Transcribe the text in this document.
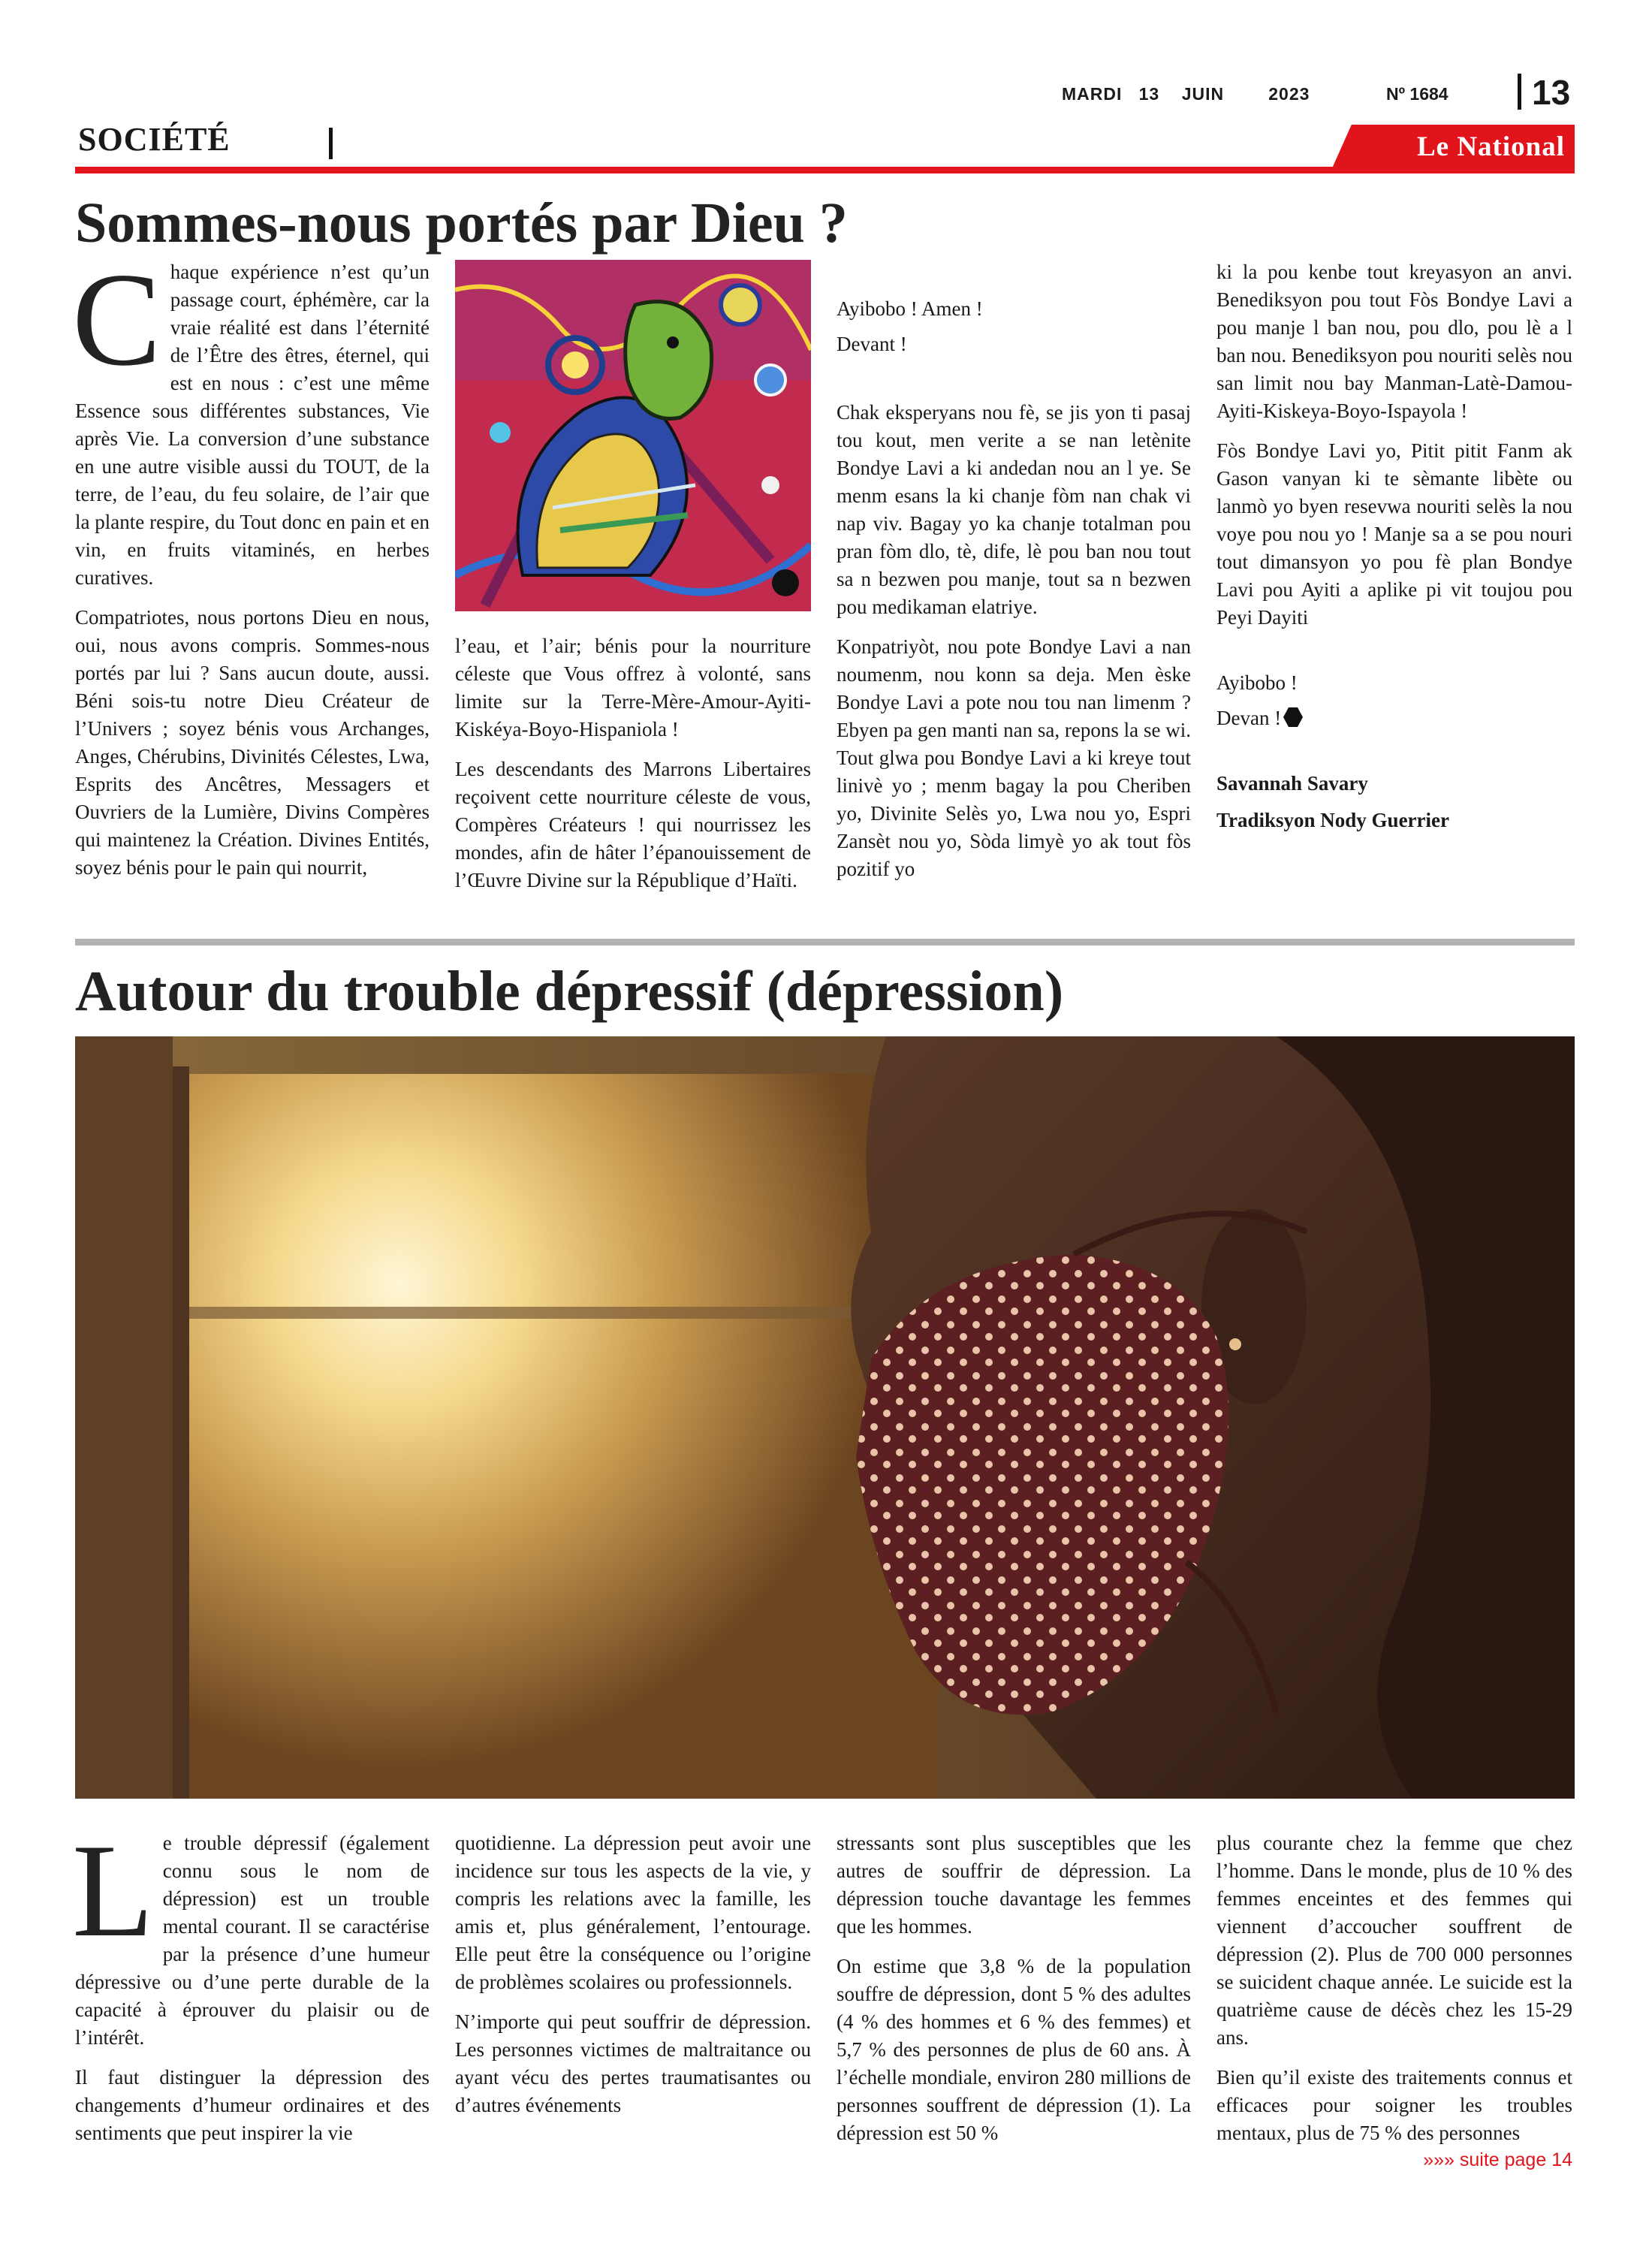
MARDI 13 JUIN	2023	Nº 1684 13
SOCIÉTÉ	Le National
Sommes-nous portés par Dieu ?

Chaque expérience n’est qu’un passage court, éphémère, car la vraie réalité est dans l’éternité de l’Être des êtres, éternel, qui est en nous : c’est une même Essence sous différentes substances, Vie après Vie. La conversion d’une substance en une autre visible aussi du TOUT, de la terre, de l’eau, du feu solaire, de l’air que la plante respire, du Tout donc en pain et en vin, en fruits vitaminés, en herbes curatives.

Compatriotes, nous portons Dieu en nous, oui, nous avons compris. Sommes-nous portés par lui ? Sans aucun doute, aussi. Béni sois-tu notre Dieu Créateur de l’Univers ; soyez bénis vous Archanges, Anges, Chérubins, Divinités Célestes, Lwa, Esprits des Ancêtres, Messagers et Ouvriers de la Lumière, Divins Compères qui maintenez la Création. Divines Entités, soyez bénis pour le pain qui nourrit,

l’eau, et l’air; bénis pour la nourriture céleste que Vous offrez à volonté, sans limite sur la Terre-Mère-Amour-Ayiti-Kiskéya-Boyo-Hispaniola !

Les descendants des Marrons Libertaires reçoivent cette nourriture céleste de vous, Compères Créateurs ! qui nourrissez les mondes, afin de hâter l’épanouissement de l’Œuvre Divine sur la République d’Haïti.

Ayibobo ! Amen !

Devant !

Chak eksperyans nou fè, se jis yon ti pasaj tou kout, men verite a se nan letènite Bondye Lavi a ki andedan nou an l ye. Se menm esans la ki chanje fòm nan chak vi nap viv. Bagay yo ka chanje totalman pou pran fòm dlo, tè, dife, lè pou ban nou tout sa n bezwen pou manje, tout sa n bezwen pou medikaman elatriye.

Konpatriyòt, nou pote Bondye Lavi a nan noumenm, nou konn sa deja. Men èske Bondye Lavi a pote nou tou nan limenm ? Ebyen pa gen manti nan sa, repons la se wi. Tout glwa pou Bondye Lavi a ki kreye tout linivè yo ; menm bagay la pou Cheriben yo, Divinite Selès yo, Lwa nou yo, Espri Zansèt nou yo, Sòda limyè yo ak tout fòs pozitif yo

ki la pou kenbe tout kreyasyon an anvi. Benediksyon pou tout Fòs Bondye Lavi a pou manje l ban nou, pou dlo, pou lè a l ban nou. Benediksyon pou nouriti selès nou san limit nou bay Manman-Latè-Damou-Ayiti-Kiskeya-Boyo-Ispayola !

Fòs Bondye Lavi yo, Pitit pitit Fanm ak Gason vanyan ki te sèmante libète ou lanmò yo byen resevwa nouriti selès la nou voye pou nou yo ! Manje sa a se pou nouri tout dimansyon yo pou fè plan Bondye Lavi pou Ayiti a aplike pi vit toujou pou Peyi Dayiti

Ayibobo !

Devan !

Savannah Savary

Tradiksyon Nody Guerrier

Autour du trouble dépressif (dépression)

Le trouble dépressif (également connu sous le nom de dépression) est un trouble mental courant. Il se caractérise par la présence d’une humeur dépressive ou d’une perte durable de la capacité à éprouver du plaisir ou de l’intérêt.

Il faut distinguer la dépression des changements d’humeur ordinaires et des sentiments que peut inspirer la vie

quotidienne. La dépression peut avoir une incidence sur tous les aspects de la vie, y compris les relations avec la famille, les amis et, plus généralement, l’entourage. Elle peut être la conséquence ou l’origine de problèmes scolaires ou professionnels.

N’importe qui peut souffrir de dépression. Les personnes victimes de maltraitance ou ayant vécu des pertes traumatisantes ou d’autres événements

stressants sont plus susceptibles que les autres de souffrir de dépression. La dépression touche davantage les femmes que les hommes.

On estime que 3,8 % de la population souffre de dépression, dont 5 % des adultes (4 % des hommes et 6 % des femmes) et 5,7 % des personnes de plus de 60 ans. À l’échelle mondiale, environ 280 millions de personnes souffrent de dépression (1). La dépression est 50 %

plus courante chez la femme que chez l’homme. Dans le monde, plus de 10 % des femmes enceintes et des femmes qui viennent d’accoucher souffrent de dépression (2). Plus de 700 000 personnes se suicident chaque année. Le suicide est la quatrième cause de décès chez les 15-29 ans.

Bien qu’il existe des traitements connus et efficaces pour soigner les troubles mentaux, plus de 75 % des personnes

»»» suite page 14
